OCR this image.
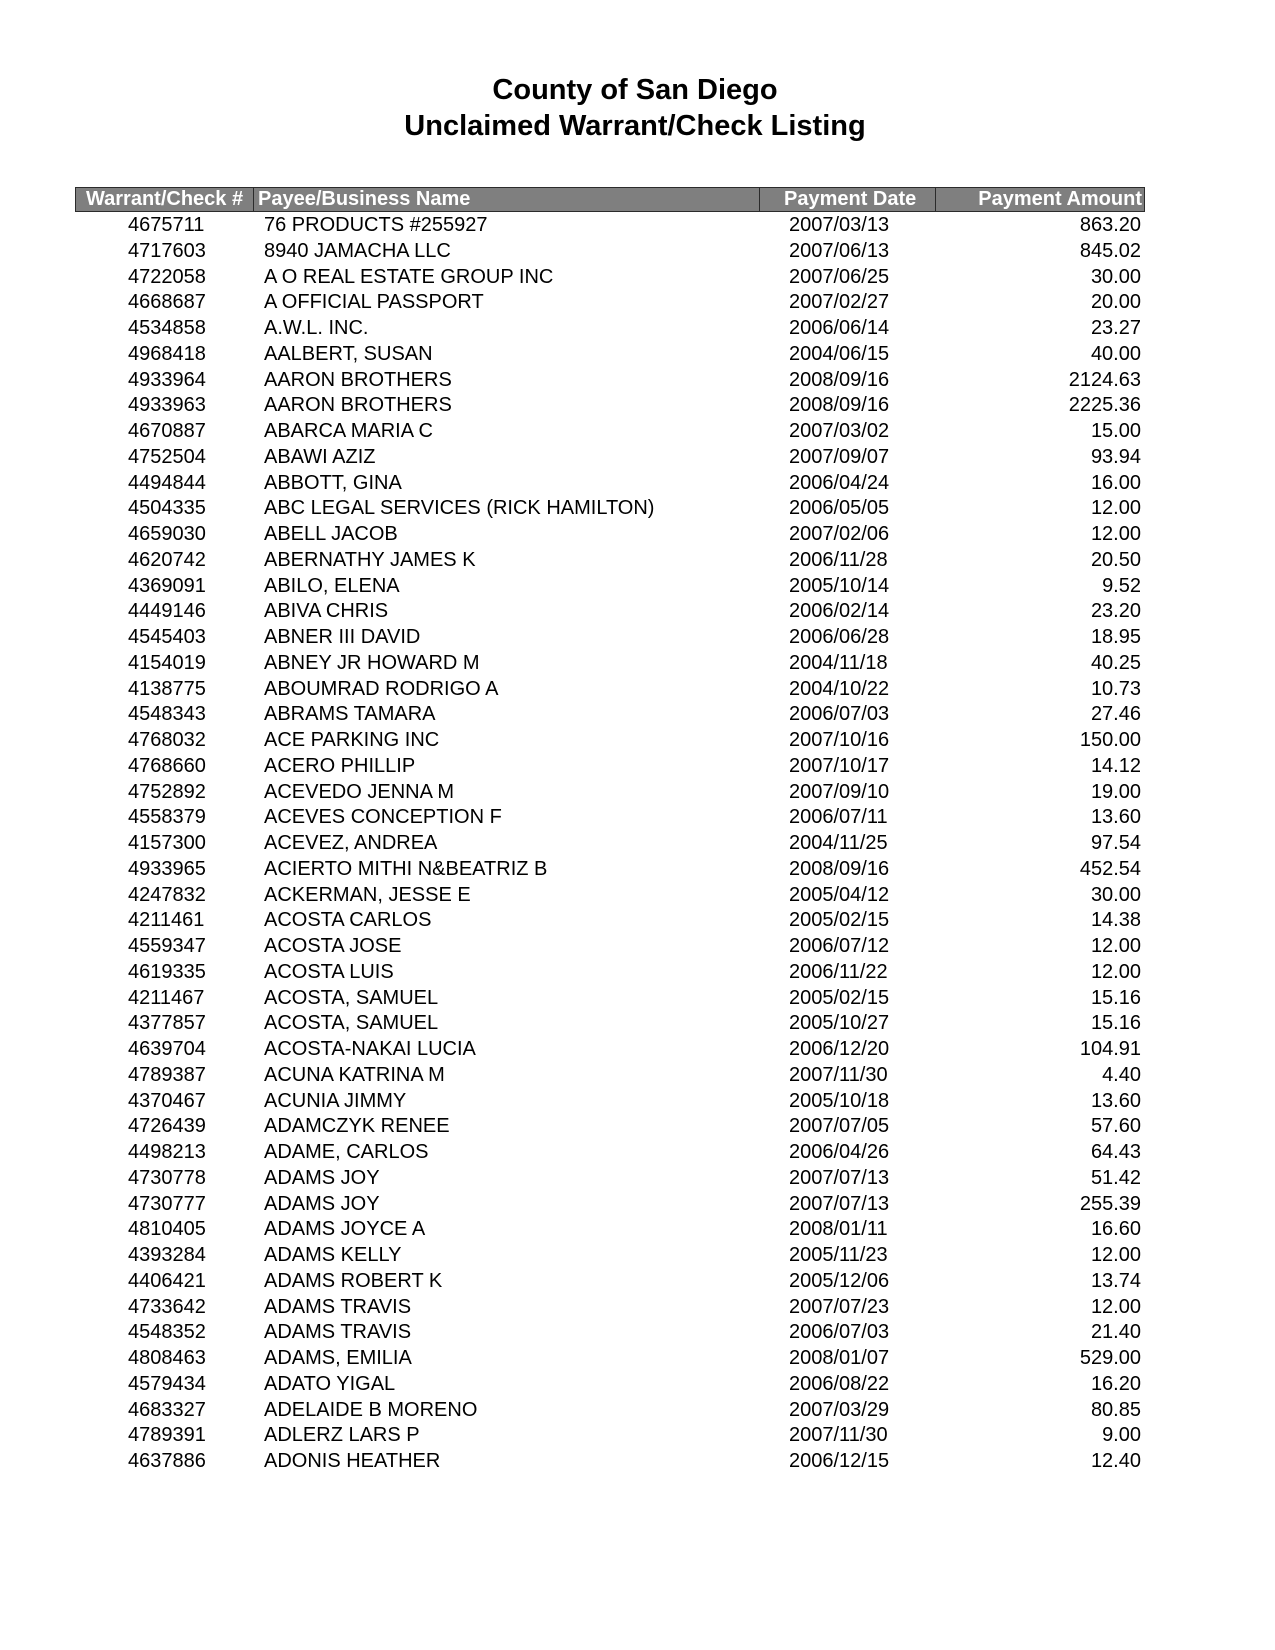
County of San Diego
Unclaimed Warrant/Check Listing
Warrant/Check # Payee/Business Name	Payment Date	Payment Amount
4675711	76 PRODUCTS #255927	2007/03/13	863.20
4717603	8940 JAMACHA LLC	2007/06/13	845.02
4722058	A O REAL ESTATE GROUP INC	2007/06/25	30.00
4668687	A OFFICIAL PASSPORT	2007/02/27	20.00
4534858	A.W.L. INC.	2006/06/14	23.27
4968418	AALBERT, SUSAN	2004/06/15	40.00
4933964	AARON BROTHERS	2008/09/16	2124.63
4933963	AARON BROTHERS	2008/09/16	2225.36
4670887	ABARCA MARIA C	2007/03/02	15.00
4752504	ABAWI AZIZ	2007/09/07	93.94
4494844	ABBOTT, GINA	2006/04/24	16.00
4504335	ABC LEGAL SERVICES (RICK HAMILTON)	2006/05/05	12.00
4659030	ABELL JACOB	2007/02/06	12.00
4620742	ABERNATHY JAMES K	2006/11/28	20.50
4369091	ABILO, ELENA	2005/10/14	9.52
4449146	ABIVA CHRIS	2006/02/14	23.20
4545403	ABNER III DAVID	2006/06/28	18.95
4154019	ABNEY JR HOWARD M	2004/11/18	40.25
4138775	ABOUMRAD RODRIGO A	2004/10/22	10.73
4548343	ABRAMS TAMARA	2006/07/03	27.46
4768032	ACE PARKING INC	2007/10/16	150.00
4768660	ACERO PHILLIP	2007/10/17	14.12
4752892	ACEVEDO JENNA M	2007/09/10	19.00
4558379	ACEVES CONCEPTION F	2006/07/11	13.60
4157300	ACEVEZ, ANDREA	2004/11/25	97.54
4933965	ACIERTO MITHI N&BEATRIZ B	2008/09/16	452.54
4247832	ACKERMAN, JESSE E	2005/04/12	30.00
4211461	ACOSTA CARLOS	2005/02/15	14.38
4559347	ACOSTA JOSE	2006/07/12	12.00
4619335	ACOSTA LUIS	2006/11/22	12.00
4211467	ACOSTA, SAMUEL	2005/02/15	15.16
4377857	ACOSTA, SAMUEL	2005/10/27	15.16
4639704	ACOSTA-NAKAI LUCIA	2006/12/20	104.91
4789387	ACUNA KATRINA M	2007/11/30	4.40
4370467	ACUNIA JIMMY	2005/10/18	13.60
4726439	ADAMCZYK RENEE	2007/07/05	57.60
4498213	ADAME, CARLOS	2006/04/26	64.43
4730778	ADAMS JOY	2007/07/13	51.42
4730777	ADAMS JOY	2007/07/13	255.39
4810405	ADAMS JOYCE A	2008/01/11	16.60
4393284	ADAMS KELLY	2005/11/23	12.00
4406421	ADAMS ROBERT K	2005/12/06	13.74
4733642	ADAMS TRAVIS	2007/07/23	12.00
4548352	ADAMS TRAVIS	2006/07/03	21.40
4808463	ADAMS, EMILIA	2008/01/07	529.00
4579434	ADATO YIGAL	2006/08/22	16.20
4683327	ADELAIDE B MORENO	2007/03/29	80.85
4789391	ADLERZ LARS P	2007/11/30	9.00
4637886	ADONIS HEATHER	2006/12/15	12.40
